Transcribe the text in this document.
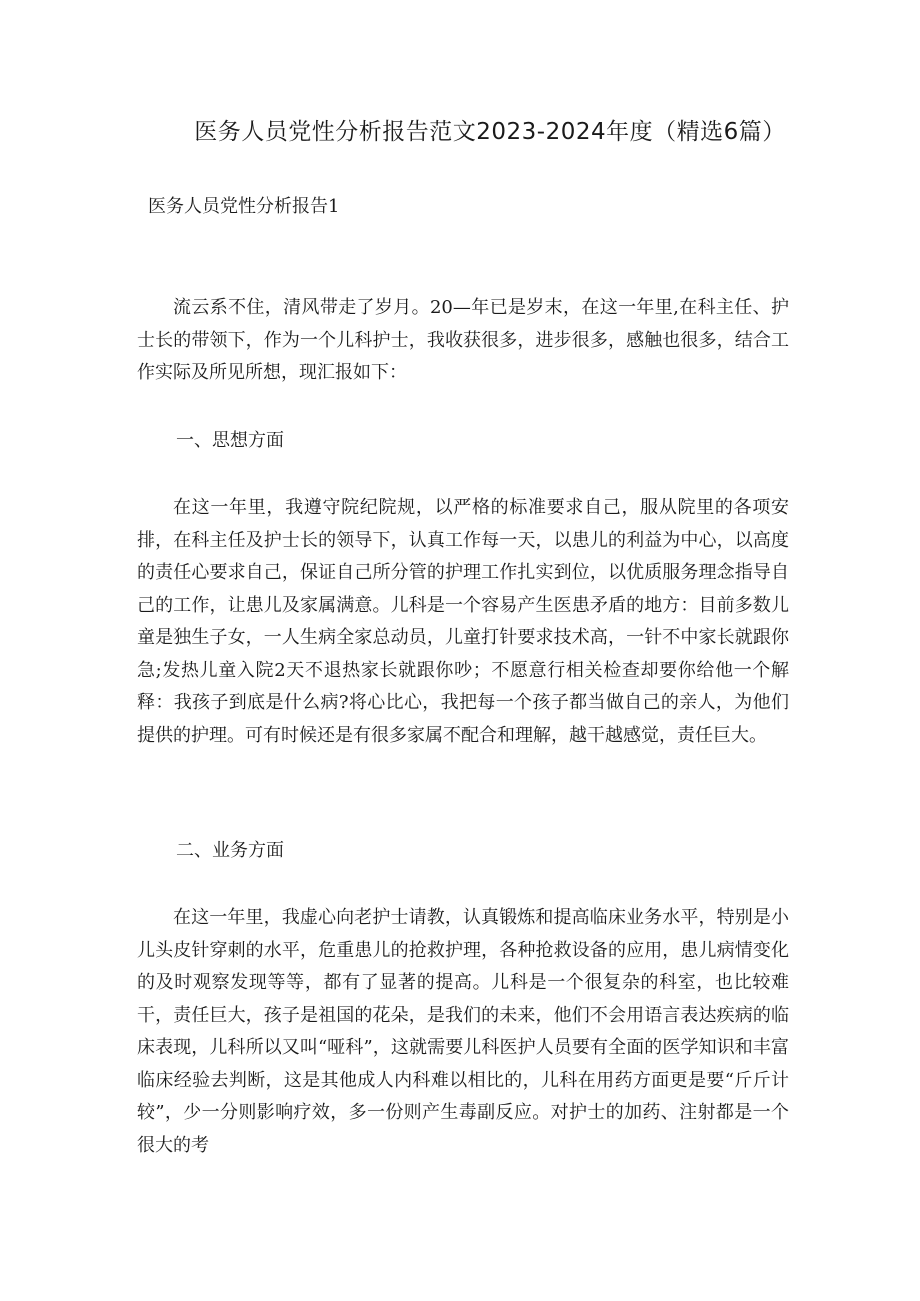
医务人员党性分析报告范文2023-2024年度（精选6篇）
医务人员党性分析报告1

流云系不住，清风带走了岁月。20—年已是岁末，在这一年里,在科主任、护士长的带领下，作为一个儿科护士，我收获很多，进步很多，感触也很多，结合工作实际及所见所想，现汇报如下：

一、思想方面

在这一年里，我遵守院纪院规，以严格的标准要求自己，服从院里的各项安排，在科主任及护士长的领导下，认真工作每一天，以患儿的利益为中心，以高度的责任心要求自己，保证自己所分管的护理工作扎实到位，以优质服务理念指导自己的工作，让患儿及家属满意。儿科是一个容易产生医患矛盾的地方：目前多数儿童是独生子女，一人生病全家总动员，儿童打针要求技术高，一针不中家长就跟你急;发热儿童入院2天不退热家长就跟你吵；不愿意行相关检查却要你给他一个解释：我孩子到底是什么病?将心比心，我把每一个孩子都当做自己的亲人，为他们提供的护理。可有时候还是有很多家属不配合和理解，越干越感觉，责任巨大。

二、业务方面

在这一年里，我虚心向老护士请教，认真锻炼和提高临床业务水平，特别是小儿头皮针穿刺的水平，危重患儿的抢救护理，各种抢救设备的应用，患儿病情变化的及时观察发现等等，都有了显著的提高。儿科是一个很复杂的科室，也比较难干，责任巨大，孩子是祖国的花朵，是我们的未来，他们不会用语言表达疾病的临床表现，儿科所以又叫“哑科”，这就需要儿科医护人员要有全面的医学知识和丰富临床经验去判断，这是其他成人内科难以相比的，儿科在用药方面更是要“斤斤计较”，少一分则影响疗效，多一份则产生毒副反应。对护士的加药、注射都是一个很大的考
